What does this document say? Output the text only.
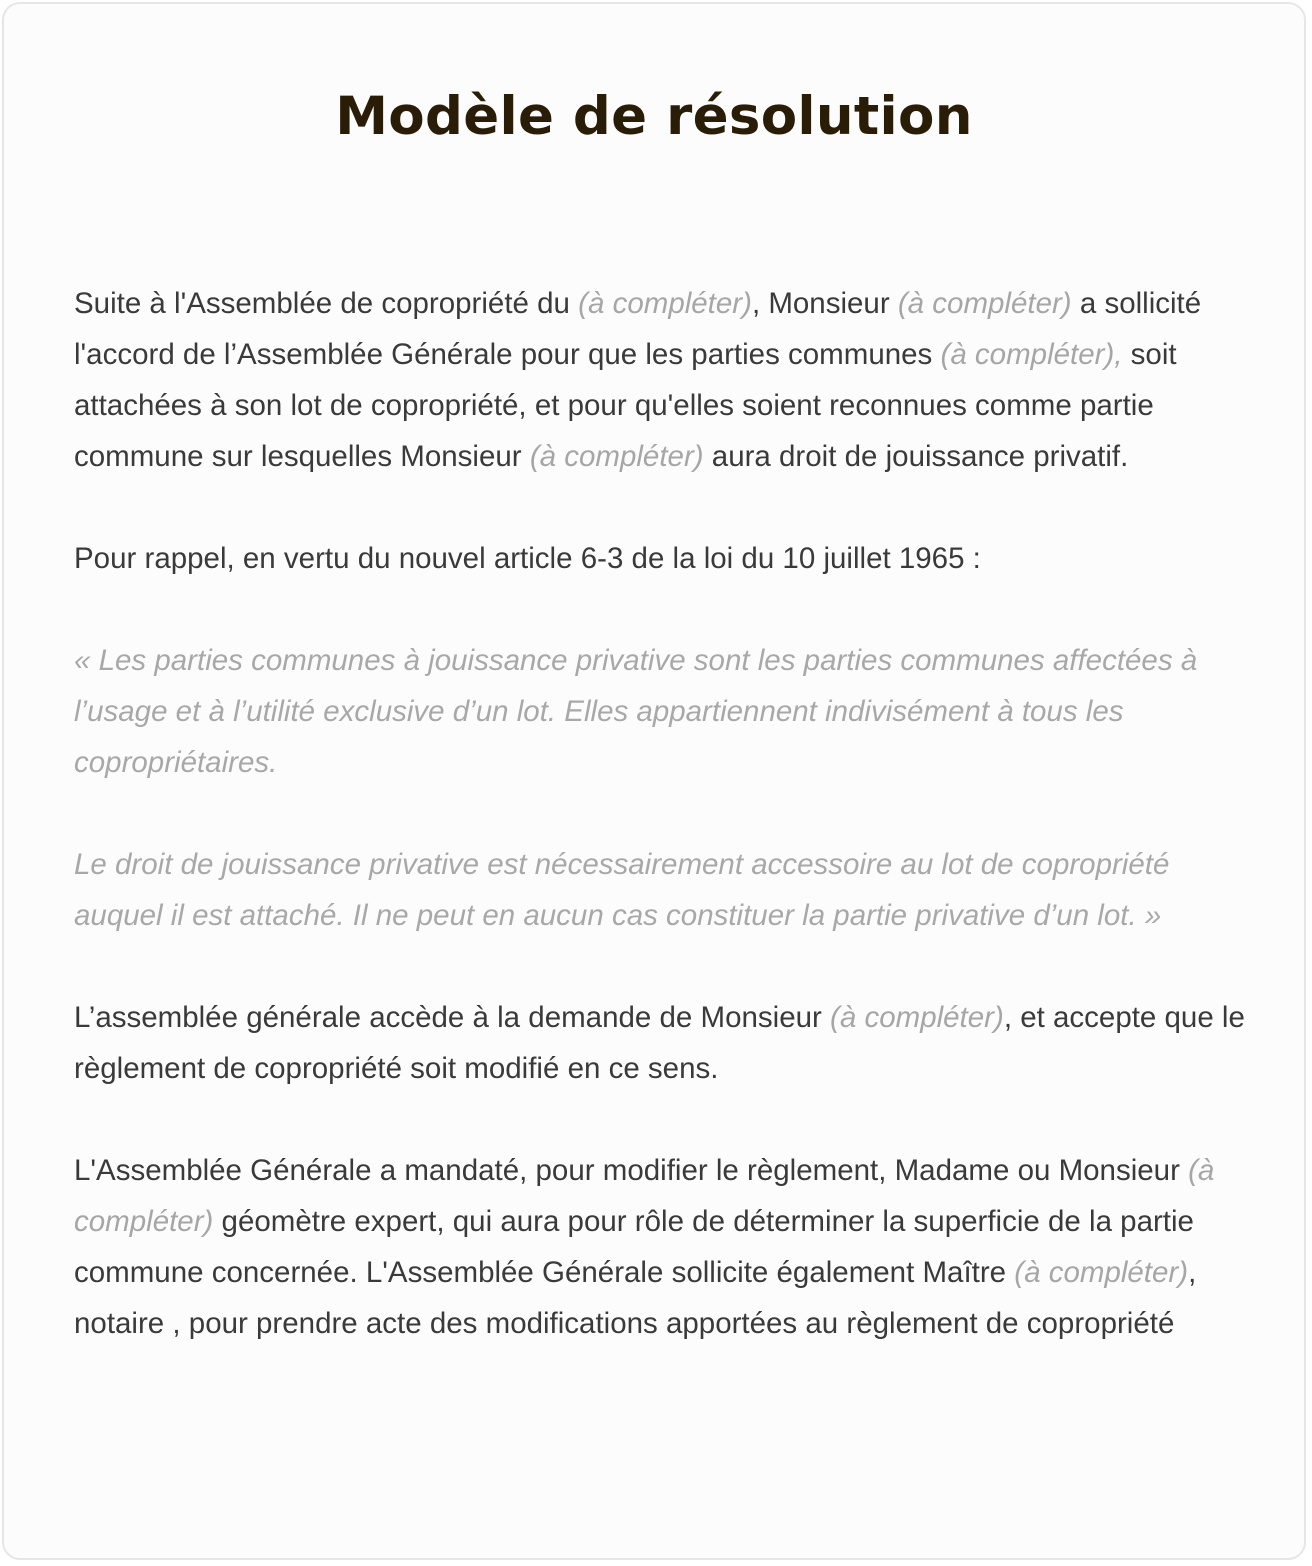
Modèle de résolution

Suite à l'Assemblée de copropriété du (à compléter), Monsieur (à compléter) a sollicité l'accord de l’Assemblée Générale pour que les parties communes (à compléter), soit attachées à son lot de copropriété, et pour qu'elles soient reconnues comme partie commune sur lesquelles Monsieur (à compléter) aura droit de jouissance privatif.

Pour rappel, en vertu du nouvel article 6-3 de la loi du 10 juillet 1965 :

« Les parties communes à jouissance privative sont les parties communes affectées à l’usage et à l’utilité exclusive d’un lot. Elles appartiennent indivisément à tous les copropriétaires.

Le droit de jouissance privative est nécessairement accessoire au lot de copropriété auquel il est attaché. Il ne peut en aucun cas constituer la partie privative d’un lot. »

L’assemblée générale accède à la demande de Monsieur (à compléter), et accepte que le règlement de copropriété soit modifié en ce sens.

L'Assemblée Générale a mandaté, pour modifier le règlement, Madame ou Monsieur (à compléter) géomètre expert, qui aura pour rôle de déterminer la superficie de la partie commune concernée. L'Assemblée Générale sollicite également Maître (à compléter), notaire , pour prendre acte des modifications apportées au règlement de copropriété
